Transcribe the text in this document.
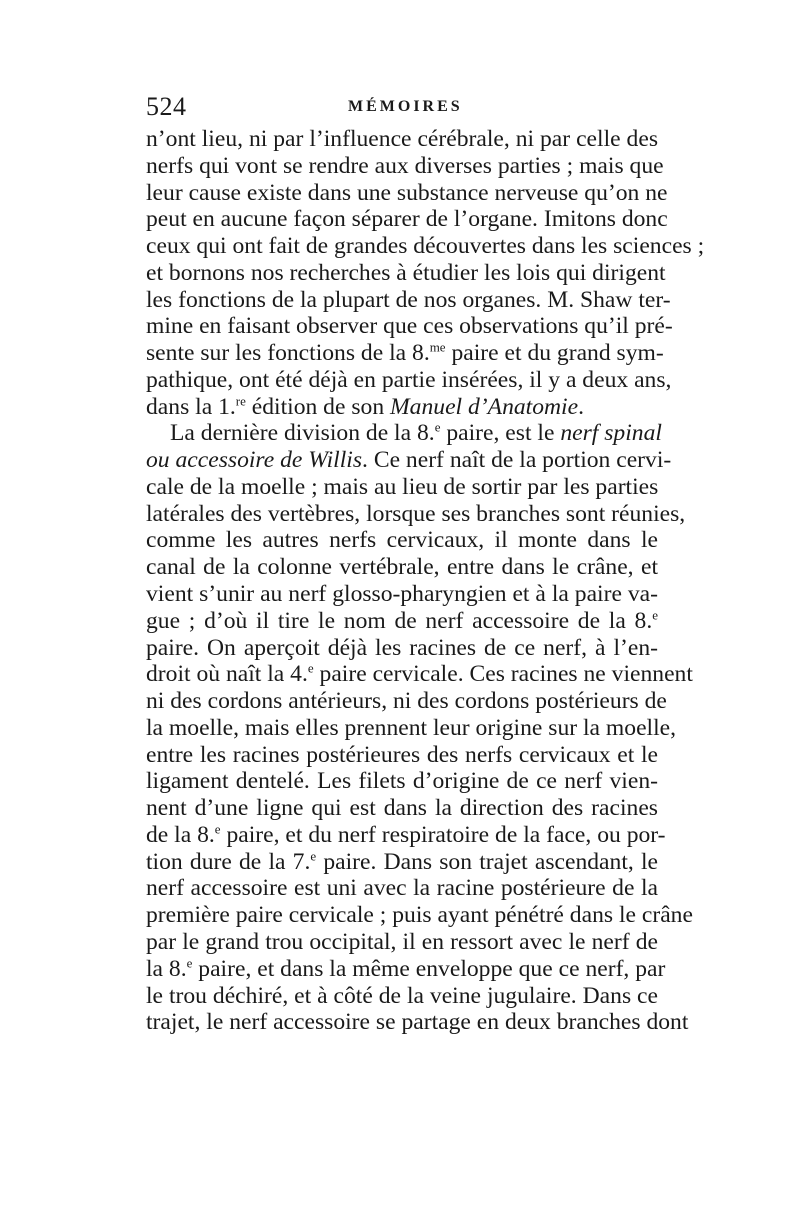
524	MÉMOIRES
n’ont lieu, ni par l’influence cérébrale, ni par celle des
nerfs qui vont se rendre aux diverses parties ; mais que
leur cause existe dans une substance nerveuse qu’on ne
peut en aucune façon séparer de l’organe. Imitons donc
ceux qui ont fait de grandes découvertes dans les sciences ;
et bornons nos recherches à étudier les lois qui dirigent
les fonctions de la plupart de nos organes. M. Shaw ter-
mine en faisant observer que ces observations qu’il pré-
sente sur les fonctions de la 8.$^{me}$ paire et du grand sym-
pathique, ont été déjà en partie insérées, il y a deux ans,
dans la 1.$^{re}$ édition de son Manuel d’Anatomie.
La dernière division de la 8.$^e$ paire, est le nerf spinal
ou accessoire de Willis. Ce nerf naît de la portion cervi-
cale de la moelle ; mais au lieu de sortir par les parties
latérales des vertèbres, lorsque ses branches sont réunies,
comme les autres nerfs cervicaux, il monte dans le
canal de la colonne vertébrale, entre dans le crâne, et
vient s’unir au nerf glosso-pharyngien et à la paire va-
gue ; d’où il tire le nom de nerf accessoire de la 8.$^e$
paire. On aperçoit déjà les racines de ce nerf, à l’en-
droit où naît la 4.$^e$ paire cervicale. Ces racines ne viennent
ni des cordons antérieurs, ni des cordons postérieurs de
la moelle, mais elles prennent leur origine sur la moelle,
entre les racines postérieures des nerfs cervicaux et le
ligament dentelé. Les filets d’origine de ce nerf vien-
nent d’une ligne qui est dans la direction des racines
de la 8.$^e$ paire, et du nerf respiratoire de la face, ou por-
tion dure de la 7.$^e$ paire. Dans son trajet ascendant, le
nerf accessoire est uni avec la racine postérieure de la
première paire cervicale ; puis ayant pénétré dans le crâne
par le grand trou occipital, il en ressort avec le nerf de
la 8.$^e$ paire, et dans la même enveloppe que ce nerf, par
le trou déchiré, et à côté de la veine jugulaire. Dans ce
trajet, le nerf accessoire se partage en deux branches dont
